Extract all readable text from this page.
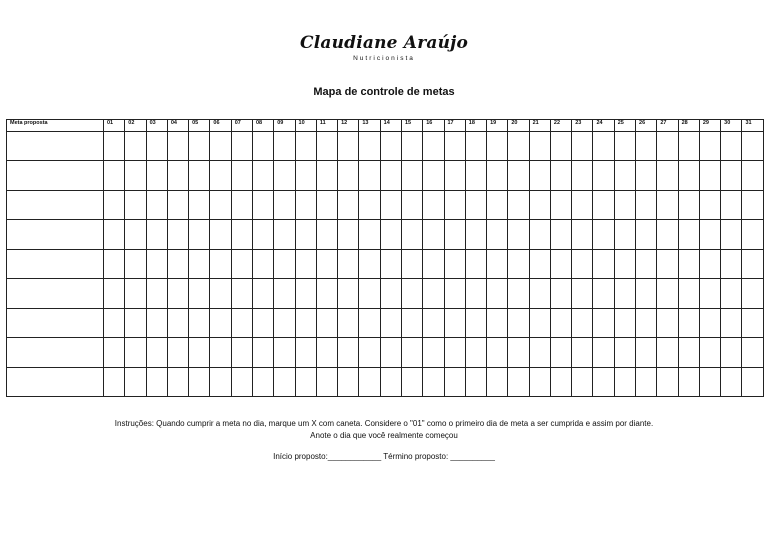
Claudiane Araújo
Nutricionista
Mapa de controle de metas
Meta proposta	01	02	03	04	05	06	07	08	09	10	11	12	13	14	15	16	17	18	19	20	21	22	23	24	25	26	27	28	29	30	31

Instruções: Quando cumprir a meta no dia, marque um X com caneta. Considere o "01" como o primeiro dia de meta a ser cumprida e assim por diante.
Anote o dia que você realmente começou
Início proposto:____________ Término proposto: __________
